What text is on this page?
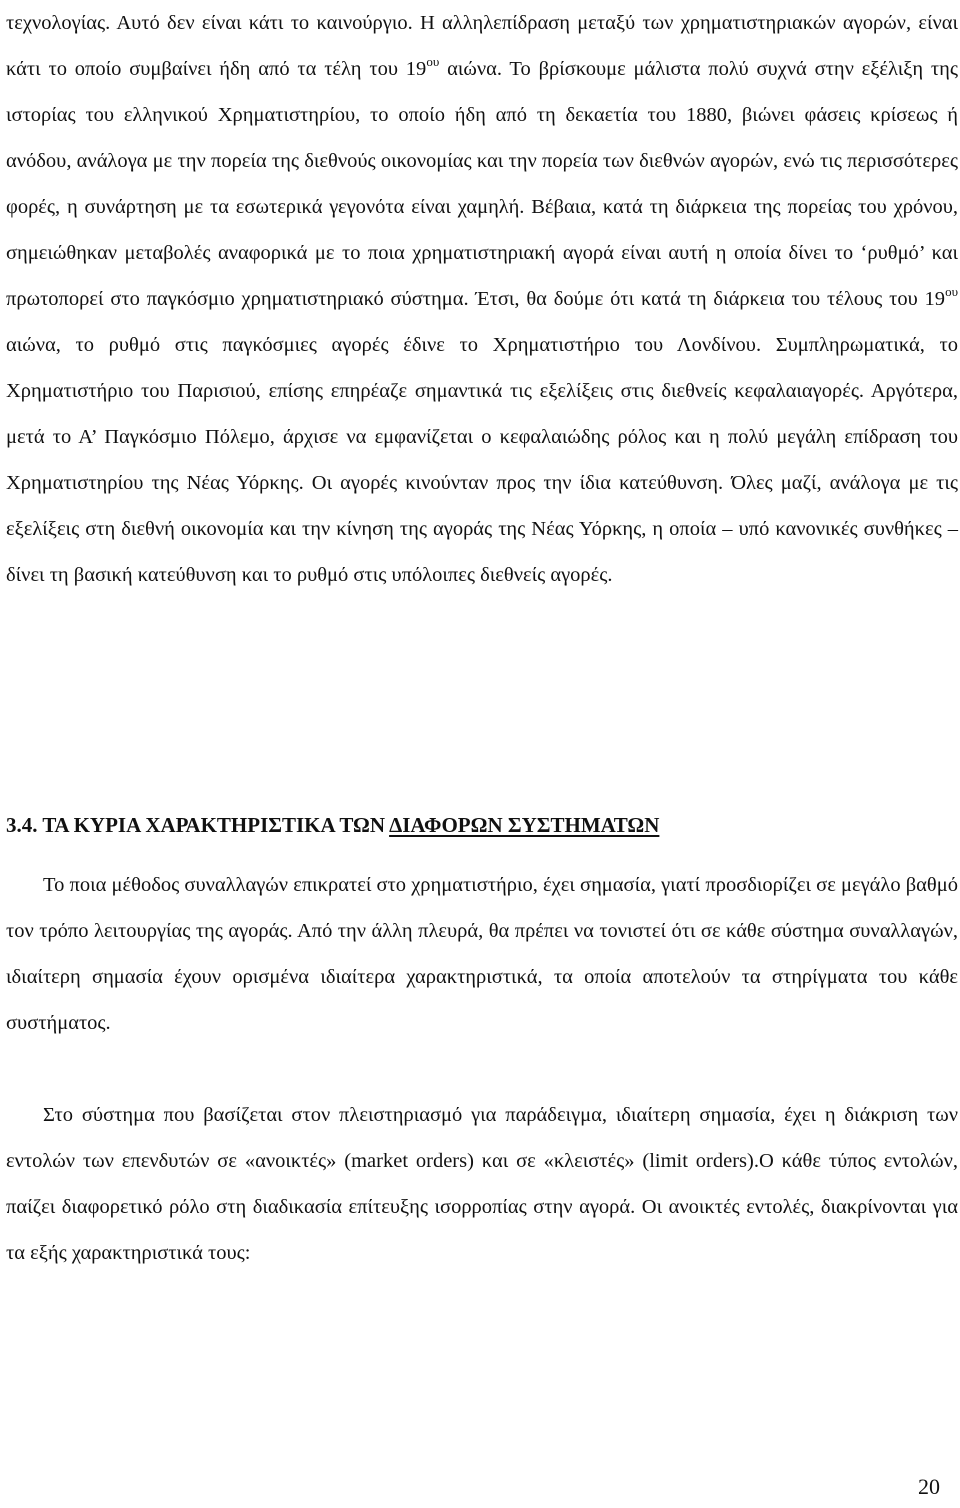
τεχνολογίας. Αυτό δεν είναι κάτι το καινούργιο. Η αλληλεπίδραση μεταξύ των χρηματιστηριακών αγορών, είναι κάτι το οποίο συμβαίνει ήδη από τα τέλη του $19^{o\upsilon}$ αιώνα. Το βρίσκουμε μάλιστα πολύ συχνά στην εξέλιξη της ιστορίας του ελληνικού Χρηματιστηρίου, το οποίο ήδη από τη δεκαετία του 1880, βιώνει φάσεις κρίσεως ή ανόδου, ανάλογα με την πορεία της διεθνούς οικονομίας και την πορεία των διεθνών αγορών, ενώ τις περισσότερες φορές, η συνάρτηση με τα εσωτερικά γεγονότα είναι χαμηλή. Βέβαια, κατά τη διάρκεια της πορείας του χρόνου, σημειώθηκαν μεταβολές αναφορικά με το ποια χρηματιστηριακή αγορά είναι αυτή η οποία δίνει το ‘ρυθμό’ και πρωτοπορεί στο παγκόσμιο χρηματιστηριακό σύστημα. Έτσι, θα δούμε ότι κατά τη διάρκεια του τέλους του $19^{o\upsilon}$ αιώνα, το ρυθμό στις παγκόσμιες αγορές έδινε το Χρηματιστήριο του Λονδίνου. Συμπληρωματικά, το Χρηματιστήριο του Παρισιού, επίσης επηρέαζε σημαντικά τις εξελίξεις στις διεθνείς κεφαλαιαγορές. Αργότερα, μετά το Α’ Παγκόσμιο Πόλεμο, άρχισε να εμφανίζεται ο κεφαλαιώδης ρόλος και η πολύ μεγάλη επίδραση του Χρηματιστηρίου της Νέας Υόρκης. Οι αγορές κινούνταν προς την ίδια κατεύθυνση. Όλες μαζί, ανάλογα με τις εξελίξεις στη διεθνή οικονομία και την κίνηση της αγοράς της Νέας Υόρκης, η οποία – υπό κανονικές συνθήκες – δίνει τη βασική κατεύθυνση και το ρυθμό στις υπόλοιπες διεθνείς αγορές.

3.4. ΤΑ ΚΥΡΙΑ ΧΑΡΑΚΤΗΡΙΣΤΙΚΑ ΤΩΝ ΔΙΑΦΟΡΩΝ ΣΥΣΤΗΜΑΤΩΝ

Το ποια μέθοδος συναλλαγών επικρατεί στο χρηματιστήριο, έχει σημασία, γιατί προσδιορίζει σε μεγάλο βαθμό τον τρόπο λειτουργίας της αγοράς. Από την άλλη πλευρά, θα πρέπει να τονιστεί ότι σε κάθε σύστημα συναλλαγών, ιδιαίτερη σημασία έχουν ορισμένα ιδιαίτερα χαρακτηριστικά, τα οποία αποτελούν τα στηρίγματα του κάθε συστήματος.

Στο σύστημα που βασίζεται στον πλειστηριασμό για παράδειγμα, ιδιαίτερη σημασία, έχει η διάκριση των εντολών των επενδυτών σε «ανοικτές» (market orders) και σε «κλειστές» (limit orders).Ο κάθε τύπος εντολών, παίζει διαφορετικό ρόλο στη διαδικασία επίτευξης ισορροπίας στην αγορά. Οι ανοικτές εντολές, διακρίνονται για τα εξής χαρακτηριστικά τους:

20
